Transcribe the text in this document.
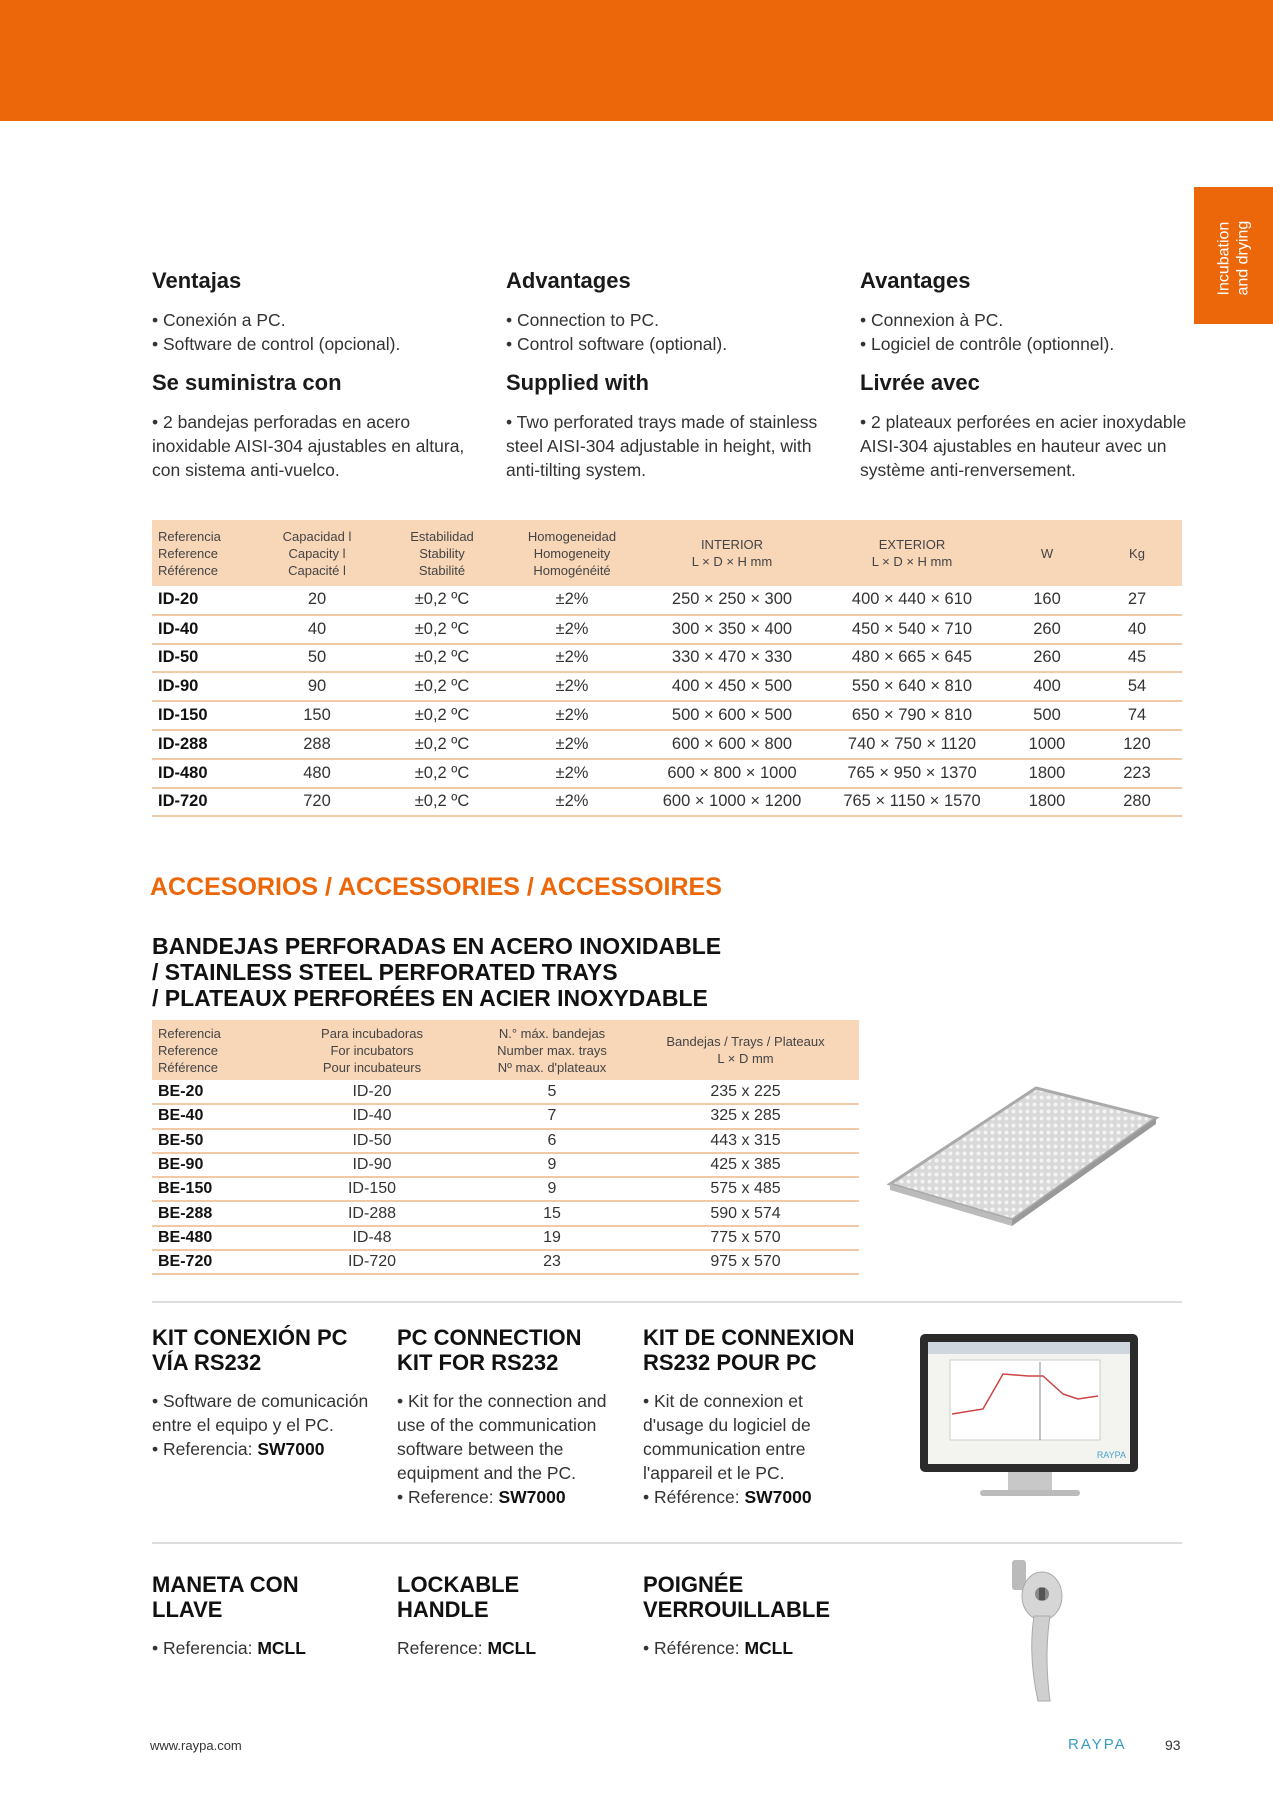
Incubation
and drying
Ventajas
• Conexión a PC.
• Software de control (opcional).
Se suministra con
• 2 bandejas perforadas en acero
inoxidable AISI-304 ajustables en altura,
con sistema anti-vuelco.
Advantages
• Connection to PC.
• Control software (optional).
Supplied with
• Two perforated trays made of stainless
steel AISI-304 adjustable in height, with
anti-tilting system.
Avantages
• Connexion à PC.
• Logiciel de contrôle (optionnel).
Livrée avec
• 2 plateaux perforées en acier inoxydable
AISI-304 ajustables en hauteur avec un
système anti-renversement.
Referencia
Reference
Référence	Capacidad l
Capacity l
Capacité l	Estabilidad
Stability
Stabilité	Homogeneidad
Homogeneity
Homogénéité	INTERIOR
L × D × H mm	EXTERIOR
L × D × H mm	W	Kg
ID-20	20	±0,2 ºC	±2%	250 × 250 × 300	400 × 440 × 610	160	27
ID-40	40	±0,2 ºC	±2%	300 × 350 × 400	450 × 540 × 710	260	40
ID-50	50	±0,2 ºC	±2%	330 × 470 × 330	480 × 665 × 645	260	45
ID-90	90	±0,2 ºC	±2%	400 × 450 × 500	550 × 640 × 810	400	54
ID-150	150	±0,2 ºC	±2%	500 × 600 × 500	650 × 790 × 810	500	74
ID-288	288	±0,2 ºC	±2%	600 × 600 × 800	740 × 750 × 1120	1000	120
ID-480	480	±0,2 ºC	±2%	600 × 800 × 1000	765 × 950 × 1370	1800	223
ID-720	720	±0,2 ºC	±2%	600 × 1000 × 1200	765 × 1150 × 1570	1800	280
ACCESORIOS / ACCESSORIES / ACCESSOIRES
BANDEJAS PERFORADAS EN ACERO INOXIDABLE
/ STAINLESS STEEL PERFORATED TRAYS
/ PLATEAUX PERFORÉES EN ACIER INOXYDABLE
Referencia
Reference
Référence	Para incubadoras
For incubators
Pour incubateurs	N.° máx. bandejas
Number max. trays
Nº max. d'plateaux	Bandejas / Trays / Plateaux
L × D mm
BE-20	ID-20	5	235 x 225
BE-40	ID-40	7	325 x 285
BE-50	ID-50	6	443 x 315
BE-90	ID-90	9	425 x 385
BE-150	ID-150	9	575 x 485
BE-288	ID-288	15	590 x 574
BE-480	ID-48	19	775 x 570
BE-720	ID-720	23	975 x 570
KIT CONEXIÓN PC
VÍA RS232
• Software de comunicación
entre el equipo y el PC.
• Referencia: SW7000
PC CONNECTION
KIT FOR RS232
• Kit for the connection and
use of the communication
software between the
equipment and the PC.
• Reference: SW7000
KIT DE CONNEXION
RS232 POUR PC
• Kit de connexion et
d'usage du logiciel de
communication entre
l'appareil et le PC.
• Référence: SW7000
RAYPA
MANETA CON
LLAVE
• Referencia: MCLL
LOCKABLE
HANDLE
Reference: MCLL
POIGNÉE
VERROUILLABLE
• Référence: MCLL
www.raypa.com	RAYPA	93
